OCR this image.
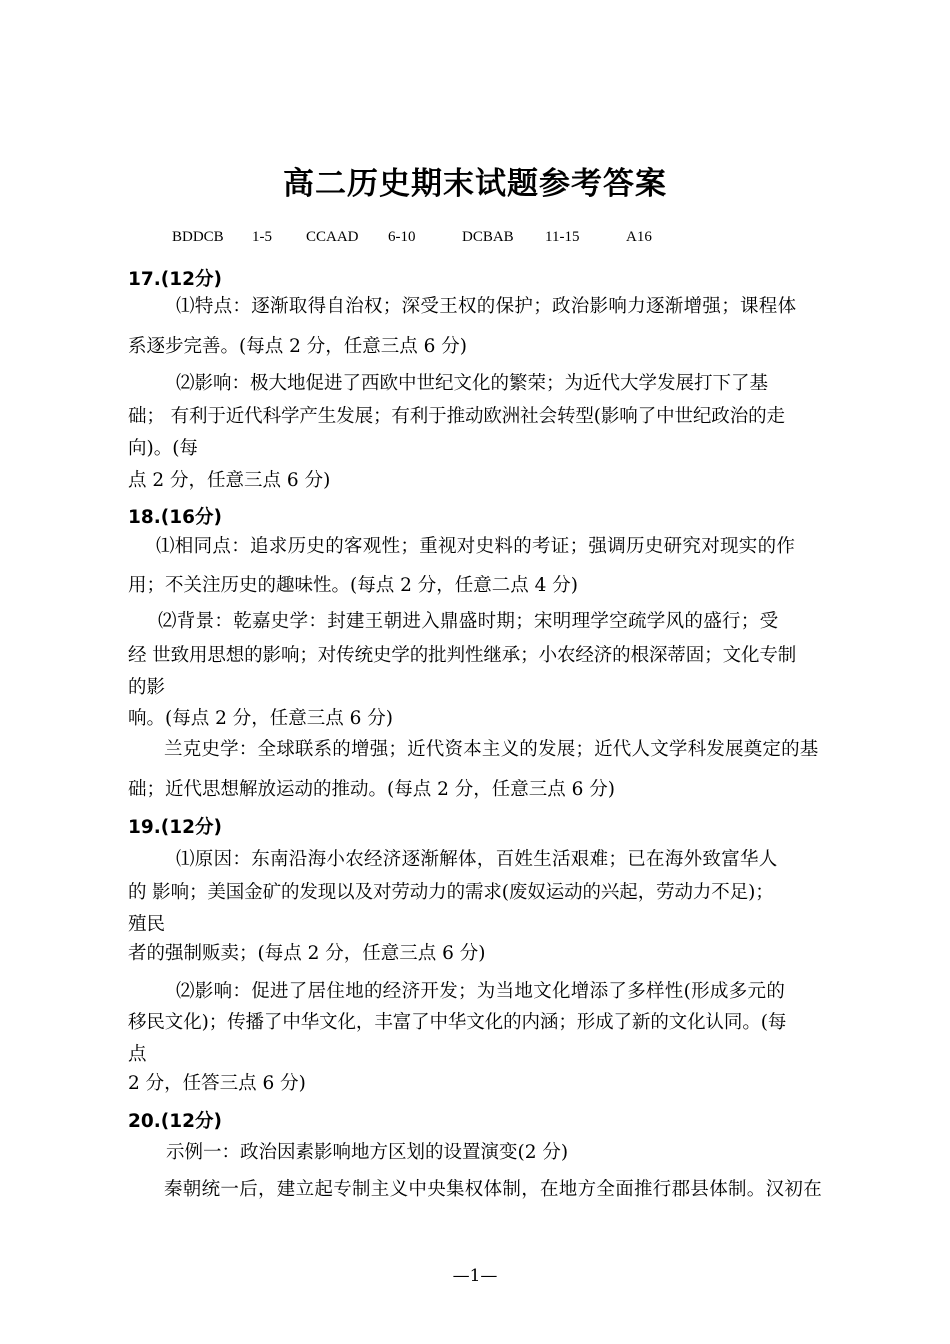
高二历史期末试题参考答案
BDDCB 1-5 CCAAD 6-10	DCBAB 11-15	A16
17.(12分)
⑴特点：逐渐取得自治权；深受王权的保护；政治影响力逐渐增强；课程体
系逐步完善。(每点 2 分，任意三点 6 分)
⑵影响：极大地促进了西欧中世纪文化的繁荣；为近代大学发展打下了基
础； 有利于近代科学产生发展；有利于推动欧洲社会转型(影响了中世纪政治的走
向)。(每
点 2 分，任意三点 6 分)
18.(16分)
⑴相同点：追求历史的客观性；重视对史料的考证；强调历史研究对现实的作
用；不关注历史的趣味性。(每点 2 分，任意二点 4 分)
⑵背景：乾嘉史学：封建王朝进入鼎盛时期；宋明理学空疏学风的盛行；受
经 世致用思想的影响；对传统史学的批判性继承；小农经济的根深蒂固；文化专制
的影
响。(每点 2 分，任意三点 6 分)
兰克史学：全球联系的增强；近代资本主义的发展；近代人文学科发展奠定的基
础；近代思想解放运动的推动。(每点 2 分，任意三点 6 分)
19.(12分)
⑴原因：东南沿海小农经济逐渐解体，百姓生活艰难；已在海外致富华人
的 影响；美国金矿的发现以及对劳动力的需求(废奴运动的兴起，劳动力不足)；
殖民
者的强制贩卖；(每点 2 分，任意三点 6 分)
⑵影响：促进了居住地的经济开发；为当地文化增添了多样性(形成多元的
移民文化)；传播了中华文化，丰富了中华文化的内涵；形成了新的文化认同。(每
点
2 分，任答三点 6 分)
20.(12分)
示例一：政治因素影响地方区划的设置演变(2 分)
秦朝统一后，建立起专制主义中央集权体制，在地方全面推行郡县体制。汉初在
—1—
